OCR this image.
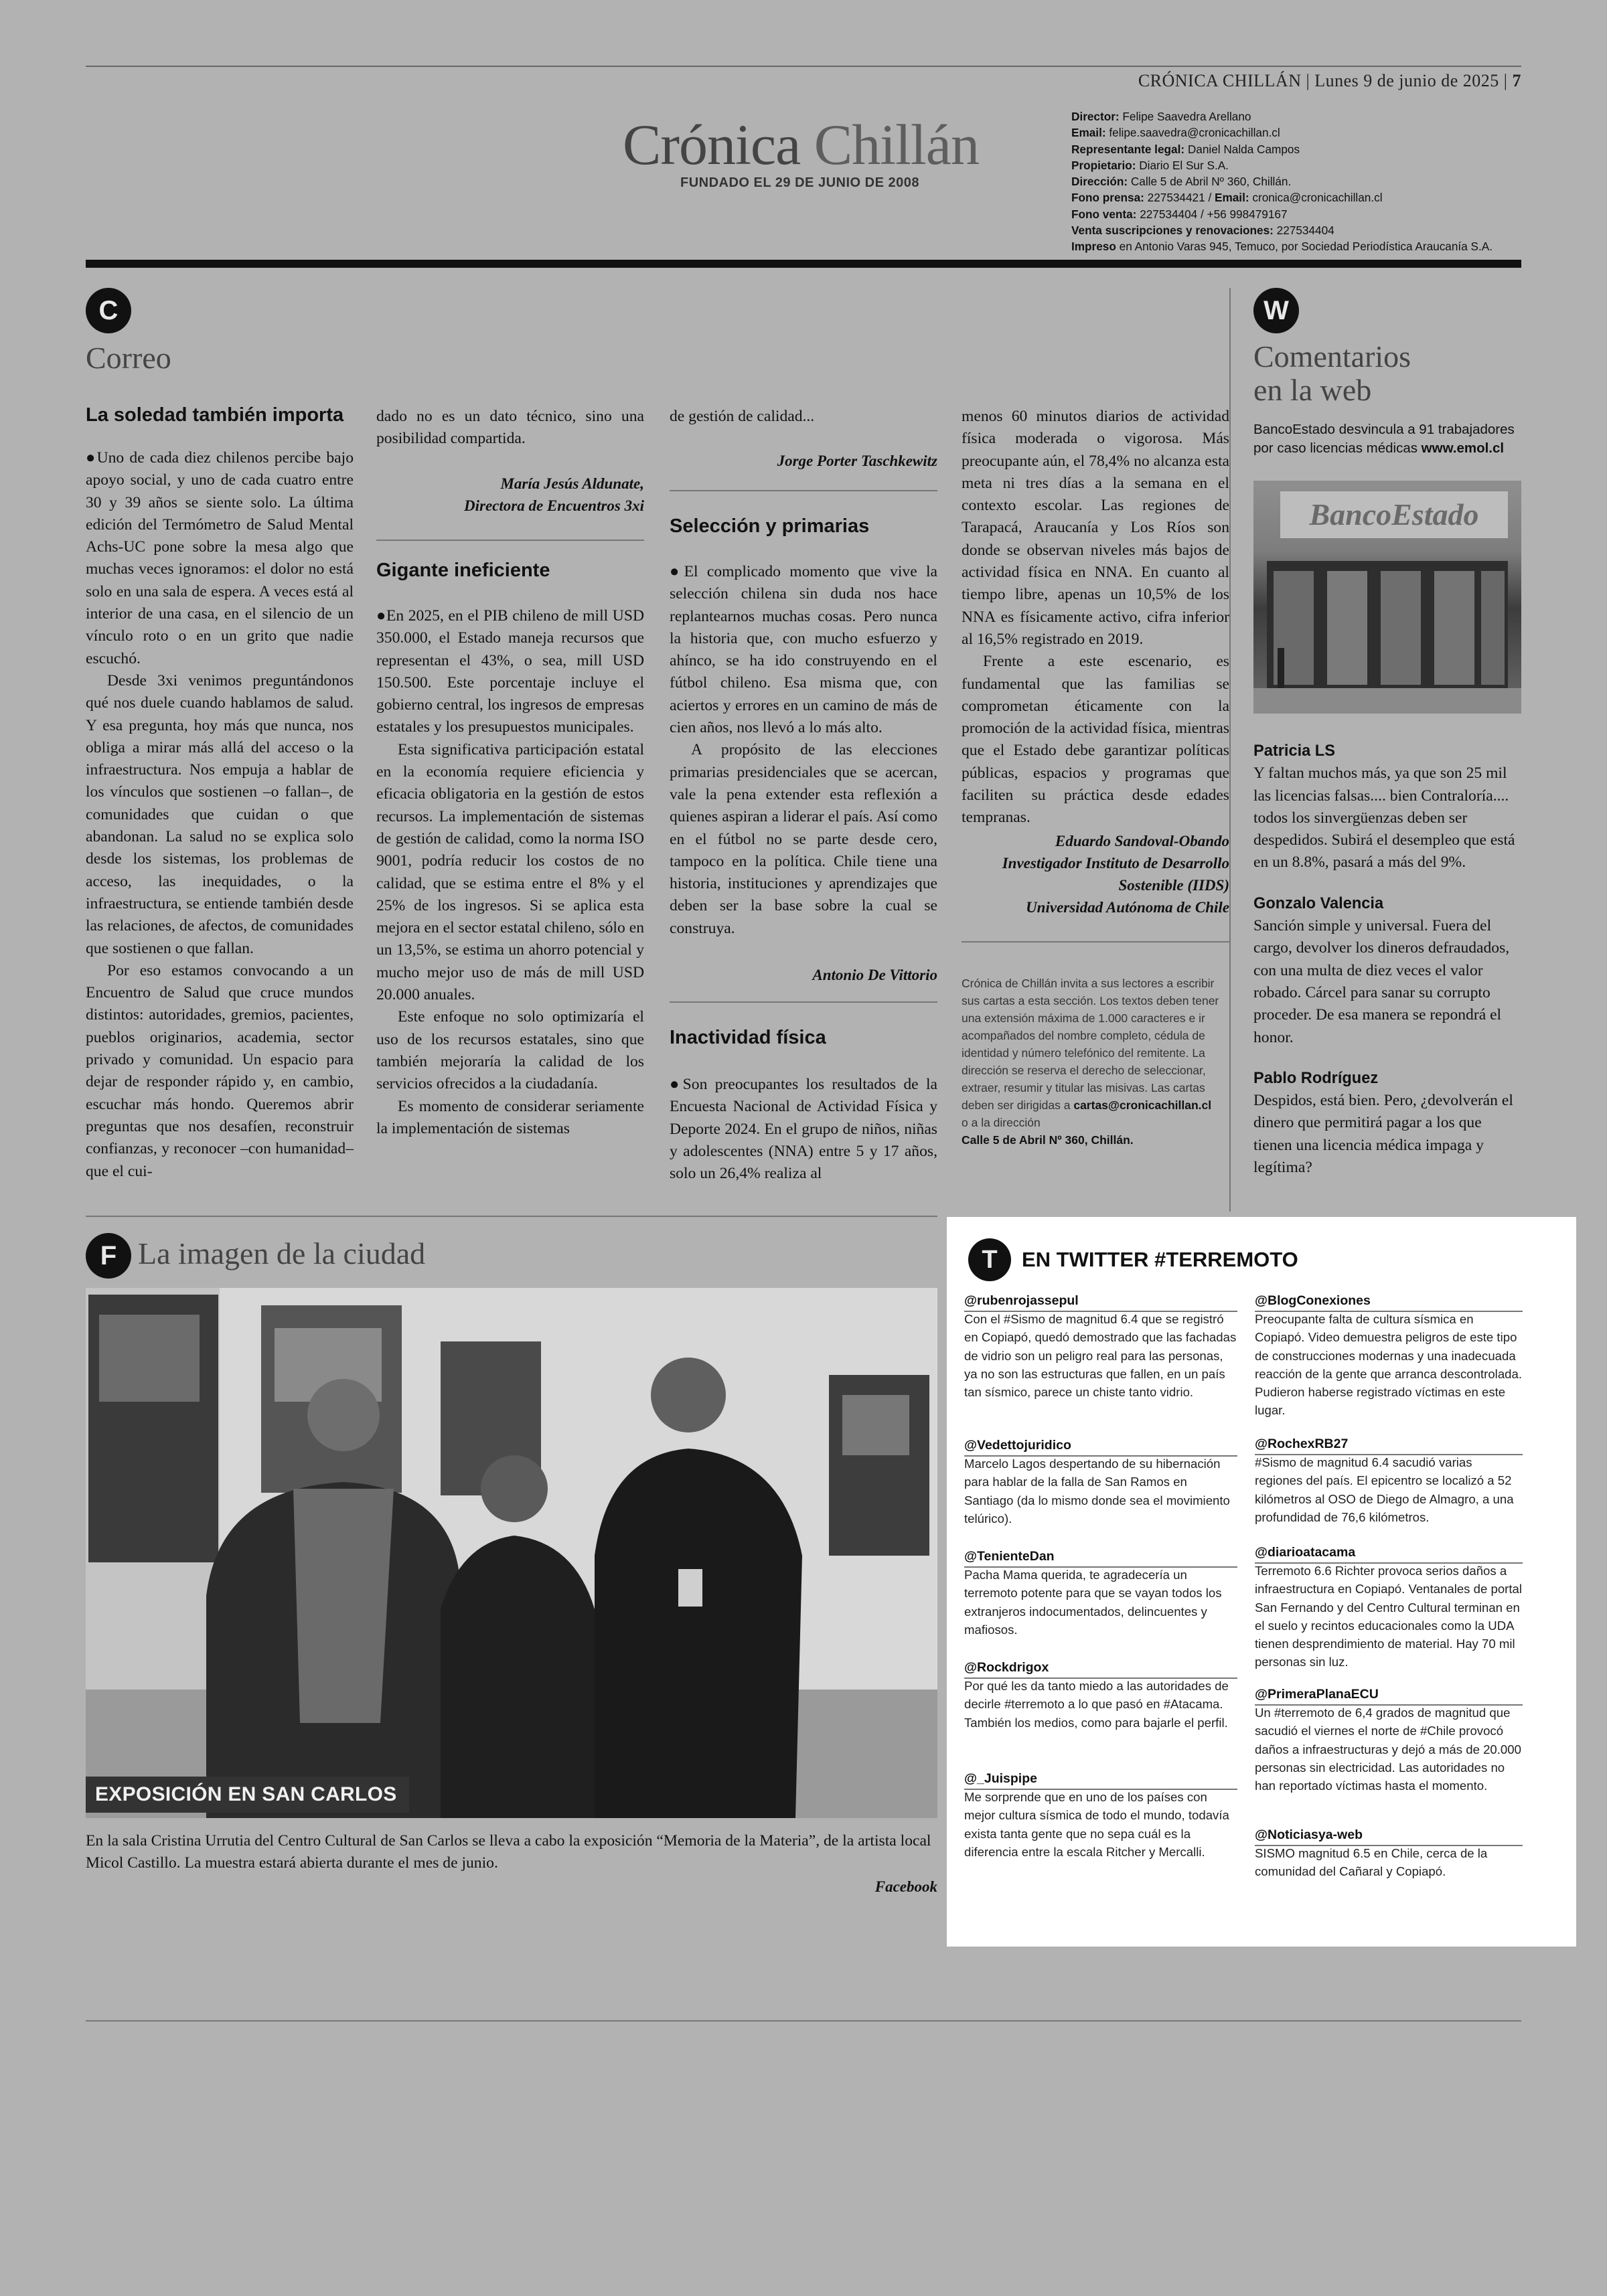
CRÓNICA CHILLÁN | Lunes 9 de junio de 2025 | 7
Crónica Chillán
FUNDADO EL 29 DE JUNIO DE 2008
Director: Felipe Saavedra Arellano
Email: felipe.saavedra@cronicachillan.cl
Representante legal: Daniel Nalda Campos
Propietario: Diario El Sur S.A.
Dirección: Calle 5 de Abril Nº 360, Chillán.
Fono prensa: 227534421 / Email: cronica@cronicachillan.cl
Fono venta: 227534404 / +56 998479167
Venta suscripciones y renovaciones: 227534404
Impreso en Antonio Varas 945, Temuco, por Sociedad Periodística Araucanía S.A.
C
Correo
La soledad también importa

●Uno de cada diez chilenos percibe bajo apoyo social, y uno de cada cuatro entre 30 y 39 años se siente solo. La última edición del Termómetro de Salud Mental Achs-UC pone sobre la mesa algo que muchas veces ignoramos: el dolor no está solo en una sala de espera. A veces está al interior de una casa, en el silencio de un vínculo roto o en un grito que nadie escuchó.

Desde 3xi venimos preguntándonos qué nos duele cuando hablamos de salud. Y esa pregunta, hoy más que nunca, nos obliga a mirar más allá del acceso o la infraestructura. Nos empuja a hablar de los vínculos que sostienen –o fallan–, de comunidades que cuidan o que abandonan. La salud no se explica solo desde los sistemas, los problemas de acceso, las inequidades, o la infraestructura, se entiende también desde las relaciones, de afectos, de comunidades que sostienen o que fallan.

Por eso estamos convocando a un Encuentro de Salud que cruce mundos distintos: autoridades, gremios, pacientes, pueblos originarios, academia, sector privado y comunidad. Un espacio para dejar de responder rápido y, en cambio, escuchar más hondo. Queremos abrir preguntas que nos desafíen, reconstruir confianzas, y reconocer –con humanidad– que el cui-

dado no es un dato técnico, sino una posibilidad compartida.

María Jesús Aldunate,
Directora de Encuentros 3xi
Gigante ineficiente

●En 2025, en el PIB chileno de mill USD 350.000, el Estado maneja recursos que representan el 43%, o sea, mill USD 150.500. Este porcentaje incluye el gobierno central, los ingresos de empresas estatales y los presupuestos municipales.

Esta significativa participación estatal en la economía requiere eficiencia y eficacia obligatoria en la gestión de estos recursos. La implementación de sistemas de gestión de calidad, como la norma ISO 9001, podría reducir los costos de no calidad, que se estima entre el 8% y el 25% de los ingresos. Si se aplica esta mejora en el sector estatal chileno, sólo en un 13,5%, se estima un ahorro potencial y mucho mejor uso de más de mill USD 20.000 anuales.

Este enfoque no solo optimizaría el uso de los recursos estatales, sino que también mejoraría la calidad de los servicios ofrecidos a la ciudadanía.

Es momento de considerar seriamente la implementación de sistemas

de gestión de calidad...

Jorge Porter Taschkewitz
Selección y primarias

●El complicado momento que vive la selección chilena sin duda nos hace replantearnos muchas cosas. Pero nunca la historia que, con mucho esfuerzo y ahínco, se ha ido construyendo en el fútbol chileno. Esa misma que, con aciertos y errores en un camino de más de cien años, nos llevó a lo más alto.

A propósito de las elecciones primarias presidenciales que se acercan, vale la pena extender esta reflexión a quienes aspiran a liderar el país. Así como en el fútbol no se parte desde cero, tampoco en la política. Chile tiene una historia, instituciones y aprendizajes que deben ser la base sobre la cual se construya.

Antonio De Vittorio
Inactividad física

●Son preocupantes los resultados de la Encuesta Nacional de Actividad Física y Deporte 2024. En el grupo de niños, niñas y adolescentes (NNA) entre 5 y 17 años, solo un 26,4% realiza al

menos 60 minutos diarios de actividad física moderada o vigorosa. Más preocupante aún, el 78,4% no alcanza esta meta ni tres días a la semana en el contexto escolar. Las regiones de Tarapacá, Araucanía y Los Ríos son donde se observan niveles más bajos de actividad física en NNA. En cuanto al tiempo libre, apenas un 10,5% de los NNA es físicamente activo, cifra inferior al 16,5% registrado en 2019.

Frente a este escenario, es fundamental que las familias se comprometan éticamente con la promoción de la actividad física, mientras que el Estado debe garantizar políticas públicas, espacios y programas que faciliten su práctica desde edades tempranas.

Eduardo Sandoval-Obando
Investigador Instituto de Desarrollo
Sostenible (IIDS)
Universidad Autónoma de Chile
Crónica de Chillán invita a sus lectores a escribir sus cartas a esta sección. Los textos deben tener una extensión máxima de 1.000 caracteres e ir acompañados del nombre completo, cédula de identidad y número telefónico del remitente. La dirección se reserva el derecho de seleccionar, extraer, resumir y titular las misivas. Las cartas deben ser dirigidas a cartas@cronicachillan.cl
o a la dirección
Calle 5 de Abril Nº 360, Chillán.
W
Comentarios
en la web
BancoEstado desvincula a 91 trabajadores por caso licencias médicas www.emol.cl
BancoEstado
Patricia LS
Y faltan muchos más, ya que son 25 mil las licencias falsas.... bien Contraloría.... todos los sinvergüenzas deben ser despedidos. Subirá el desempleo que está en un 8.8%, pasará a más del 9%.
Gonzalo Valencia
Sanción simple y universal. Fuera del cargo, devolver los dineros defraudados, con una multa de diez veces el valor robado. Cárcel para sanar su corrupto proceder. De esa manera se repondrá el honor.
Pablo Rodríguez
Despidos, está bien. Pero, ¿devolverán el dinero que permitirá pagar a los que tienen una licencia médica impaga y legítima?
F La imagen de la ciudad
EXPOSICIÓN EN SAN CARLOS
En la sala Cristina Urrutia del Centro Cultural de San Carlos se lleva a cabo la exposición “Memoria de la Materia”, de la artista local Micol Castillo. La muestra estará abierta durante el mes de junio.
Facebook
T	EN TWITTER #TERREMOTO
@rubenrojassepul
Con el #Sismo de magnitud 6.4 que se registró en Copiapó, quedó demostrado que las fachadas de vidrio son un peligro real para las personas, ya no son las estructuras que fallen, en un país tan sísmico, parece un chiste tanto vidrio.
@Vedettojuridico
Marcelo Lagos despertando de su hibernación para hablar de la falla de San Ramos en Santiago (da lo mismo donde sea el movimiento telúrico).
@TenienteDan
Pacha Mama querida, te agradecería un terremoto potente para que se vayan todos los extranjeros indocumentados, delincuentes y mafiosos.
@Rockdrigox
Por qué les da tanto miedo a las autoridades de decirle #terremoto a lo que pasó en #Atacama. También los medios, como para bajarle el perfil.
@_Juispipe
Me sorprende que en uno de los países con mejor cultura sísmica de todo el mundo, todavía exista tanta gente que no sepa cuál es la diferencia entre la escala Ritcher y Mercalli.
@BlogConexiones
Preocupante falta de cultura sísmica en Copiapó. Video demuestra peligros de este tipo de construcciones modernas y una inadecuada reacción de la gente que arranca descontrolada. Pudieron haberse registrado víctimas en este lugar.
@RochexRB27
#Sismo de magnitud 6.4 sacudió varias regiones del país. El epicentro se localizó a 52 kilómetros al OSO de Diego de Almagro, a una profundidad de 76,6 kilómetros.
@diarioatacama
Terremoto 6.6 Richter provoca serios daños a infraestructura en Copiapó. Ventanales de portal San Fernando y del Centro Cultural terminan en el suelo y recintos educacionales como la UDA tienen desprendimiento de material. Hay 70 mil personas sin luz.
@PrimeraPlanaECU
Un #terremoto de 6,4 grados de magnitud que sacudió el viernes el norte de #Chile provocó daños a infraestructuras y dejó a más de 20.000 personas sin electricidad. Las autoridades no han reportado víctimas hasta el momento.
@Noticiasya-web
SISMO magnitud 6.5 en Chile, cerca de la comunidad del Cañaral y Copiapó.
